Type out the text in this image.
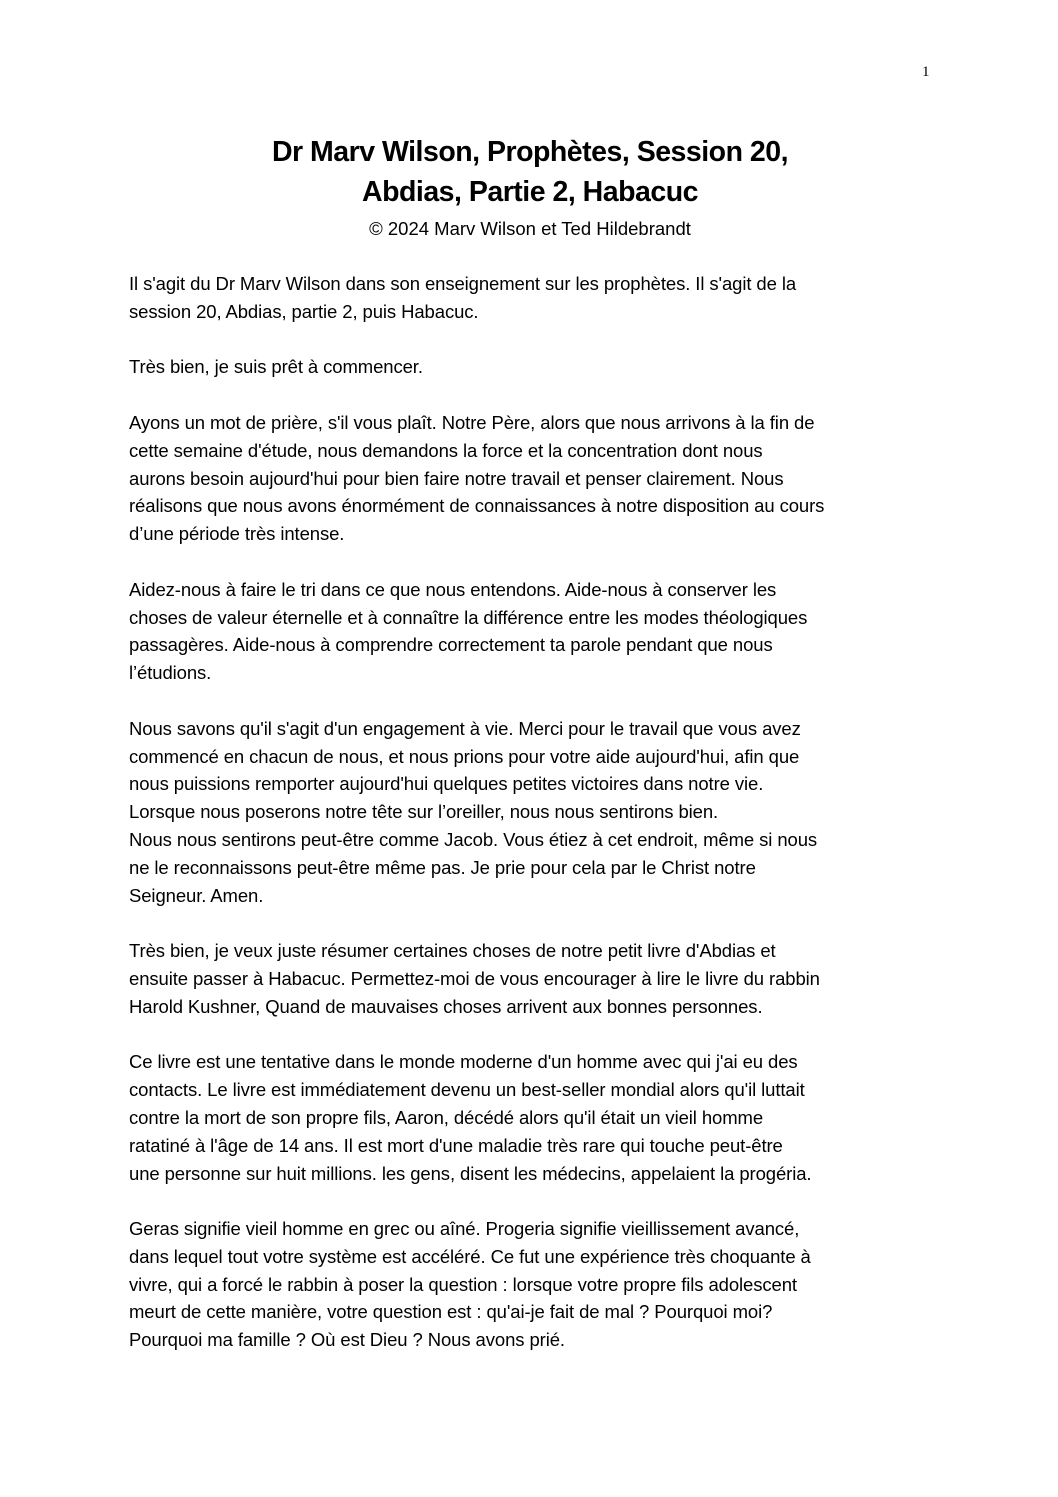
1
Dr Marv Wilson, Prophètes, Session 20,
Abdias, Partie 2, Habacuc
© 2024 Marv Wilson et Ted Hildebrandt
Il s'agit du Dr Marv Wilson dans son enseignement sur les prophètes. Il s'agit de la
session 20, Abdias, partie 2, puis Habacuc.
Très bien, je suis prêt à commencer.
Ayons un mot de prière, s'il vous plaît. Notre Père, alors que nous arrivons à la fin de
cette semaine d'étude, nous demandons la force et la concentration dont nous
aurons besoin aujourd'hui pour bien faire notre travail et penser clairement. Nous
réalisons que nous avons énormément de connaissances à notre disposition au cours
d’une période très intense.
Aidez-nous à faire le tri dans ce que nous entendons. Aide-nous à conserver les
choses de valeur éternelle et à connaître la différence entre les modes théologiques
passagères. Aide-nous à comprendre correctement ta parole pendant que nous
l’étudions.
Nous savons qu'il s'agit d'un engagement à vie. Merci pour le travail que vous avez
commencé en chacun de nous, et nous prions pour votre aide aujourd'hui, afin que
nous puissions remporter aujourd'hui quelques petites victoires dans notre vie.
Lorsque nous poserons notre tête sur l’oreiller, nous nous sentirons bien.
Nous nous sentirons peut-être comme Jacob. Vous étiez à cet endroit, même si nous
ne le reconnaissons peut-être même pas. Je prie pour cela par le Christ notre
Seigneur. Amen.
Très bien, je veux juste résumer certaines choses de notre petit livre d'Abdias et
ensuite passer à Habacuc. Permettez-moi de vous encourager à lire le livre du rabbin
Harold Kushner, Quand de mauvaises choses arrivent aux bonnes personnes.
Ce livre est une tentative dans le monde moderne d'un homme avec qui j'ai eu des
contacts. Le livre est immédiatement devenu un best-seller mondial alors qu'il luttait
contre la mort de son propre fils, Aaron, décédé alors qu'il était un vieil homme
ratatiné à l'âge de 14 ans. Il est mort d'une maladie très rare qui touche peut-être
une personne sur huit millions. les gens, disent les médecins, appelaient la progéria.
Geras signifie vieil homme en grec ou aîné. Progeria signifie vieillissement avancé,
dans lequel tout votre système est accéléré. Ce fut une expérience très choquante à
vivre, qui a forcé le rabbin à poser la question : lorsque votre propre fils adolescent
meurt de cette manière, votre question est : qu'ai-je fait de mal ? Pourquoi moi?
Pourquoi ma famille ? Où est Dieu ? Nous avons prié.
